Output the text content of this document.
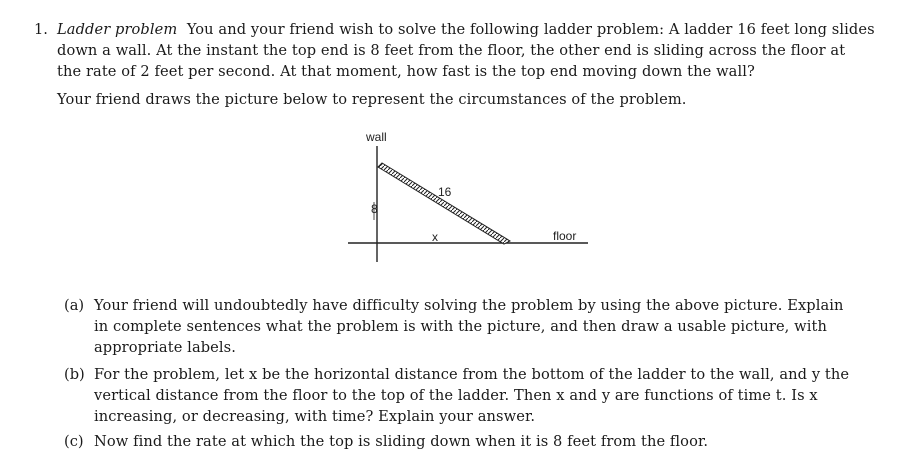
1. Ladder problem You and your friend wish to solve the following ladder problem: A ladder 16 feet long slides
down a wall. At the instant the top end is 8 feet from the floor, the other end is sliding across the floor at
the rate of 2 feet per second. At that moment, how fast is the top end moving down the wall?
Your friend draws the picture below to represent the circumstances of the problem.
wall
16
8
x	floor
(a) Your friend will undoubtedly have difficulty solving the problem by using the above picture. Explain
in complete sentences what the problem is with the picture, and then draw a usable picture, with
appropriate labels.
(b) For the problem, let x be the horizontal distance from the bottom of the ladder to the wall, and y the
vertical distance from the floor to the top of the ladder. Then x and y are functions of time t. Is x
increasing, or decreasing, with time? Explain your answer.
(c) Now find the rate at which the top is sliding down when it is 8 feet from the floor.
